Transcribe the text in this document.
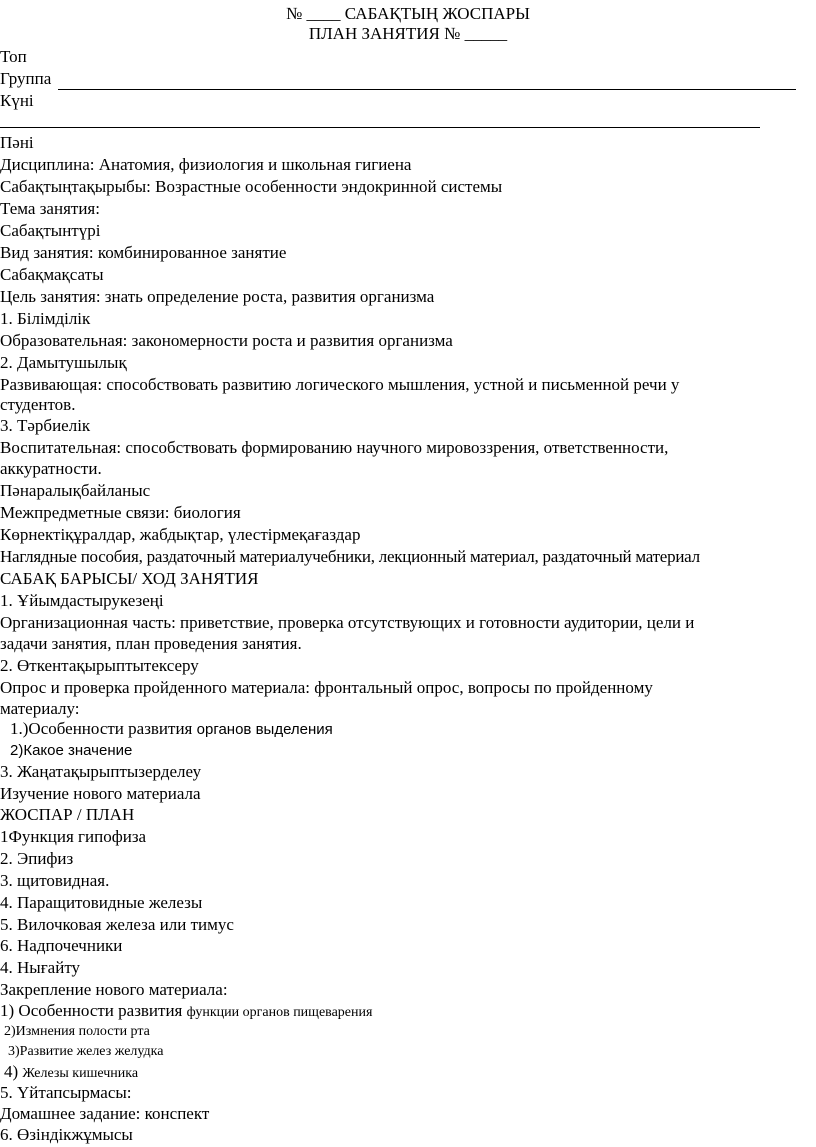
№ ____ САБАҚТЫҢ ЖОСПАРЫ
ПЛАН ЗАНЯТИЯ № _____
Топ
Группа
Күні
Пәні
Дисциплина: Анатомия, физиология и школьная гигиена
Сабақтыңтақырыбы: Возрастные особенности эндокринной системы
Тема занятия:
Сабақтынтүрі
Вид занятия: комбинированное занятие
Сабақмақсаты
Цель занятия: знать определение роста, развития организма
1. Білімділік
Образовательная: закономерности роста и развития организма
2. Дамытушылық
Развивающая: способствовать развитию логического мышления, устной и письменной речи у
студентов.
3. Тәрбиелік
Воспитательная: способствовать формированию научного мировоззрения, ответственности,
аккуратности.
Пәнаралықбайланыс
Межпредметные связи: биология
Көрнектіқұралдар, жабдықтар, үлестірмеқағаздар
Наглядные пособия, раздаточный материалучебники, лекционный материал, раздаточный материал
САБАҚ БАРЫСЫ/ ХОД ЗАНЯТИЯ
1. Ұйымдастырукезеңі
Организационная часть: приветствие, проверка отсутствующих и готовности аудитории, цели и
задачи занятия, план проведения занятия.
2. Өткентақырыптытексеру
Опрос и проверка пройденного материала: фронтальный опрос, вопросы по пройденному
материалу:
1.)Особенности развития органов выделения
2)Какое значение
3. Жаңатақырыптызерделеу
Изучение нового материала
ЖОСПАР / ПЛАН
1Функция гипофиза
2. Эпифиз
3. щитовидная.
4. Паращитовидные железы
5. Вилочковая железа или тимус
6. Надпочечники
4. Нығайту
Закрепление нового материала:
1) Особенности развития функции органов пищеварения
2)Измнения полости рта
3)Развитие желез желудка
4) Железы кишечника
5. Үйтапсырмасы:
Домашнее задание: конспект
6. Өзіндікжұмысы
